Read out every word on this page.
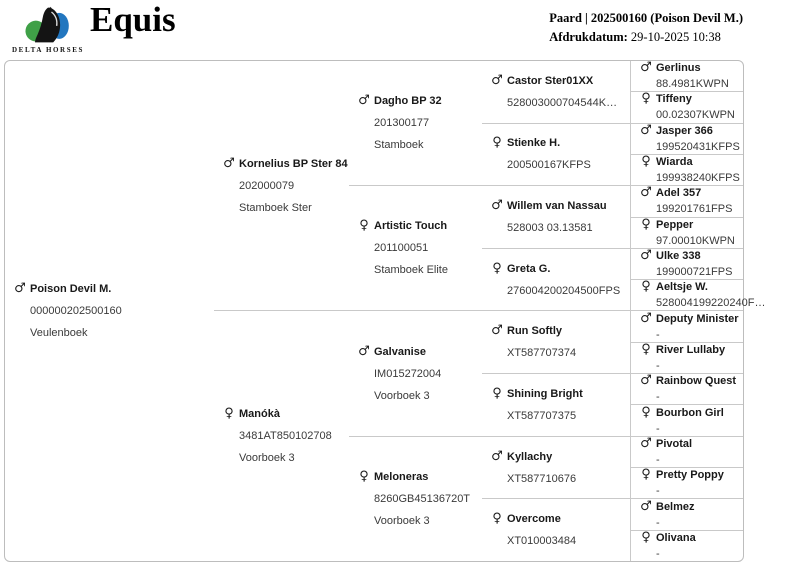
DELTA HORSES
Equis	Paard | 202500160 (Poison Devil M.)
Afdrukdatum: 29-10-2025 10:38
♂ Poison Devil M.
000000202500160
Veulenboek

♂ Kornelius BP Ster 84
202000079
Stamboek Ster

♂ Dagho BP 32
201300177
Stamboek

♂ Castor Ster01XX
528003000704544K…

♂ Gerlinus
88.4981KWPN

				♀ Tiffeny
00.02307KWPN

♀ Stienke H.
200500167KFPS

♂ Jasper 366
199520431KFPS

				♀ Wiarda
199938240KFPS

♀ Artistic Touch
201100051
Stamboek Elite

♂ Willem van Nassau
528003 03.13581

♂ Adel 357
199201761FPS

				♀ Pepper
97.00010KWPN

♀ Greta G.
276004200204500FPS

♂ Ulke 338
199000721FPS

				♀ Aeltsje W.
528004199220240F…

♀ Manókà
3481AT850102708
Voorboek 3

♂ Galvanise
IM015272004
Voorboek 3

♂ Run Softly
XT587707374

♂ Deputy Minister
-

				♀ River Lullaby
-

♀ Shining Bright
XT587707375

♂ Rainbow Quest
-

				♀ Bourbon Girl
-

♀ Meloneras
8260GB45136720T
Voorboek 3

♂ Kyllachy
XT587710676

♂ Pivotal
-

				♀ Pretty Poppy
-

♀ Overcome
XT010003484

♂ Belmez
-

				♀ Olivana
-
